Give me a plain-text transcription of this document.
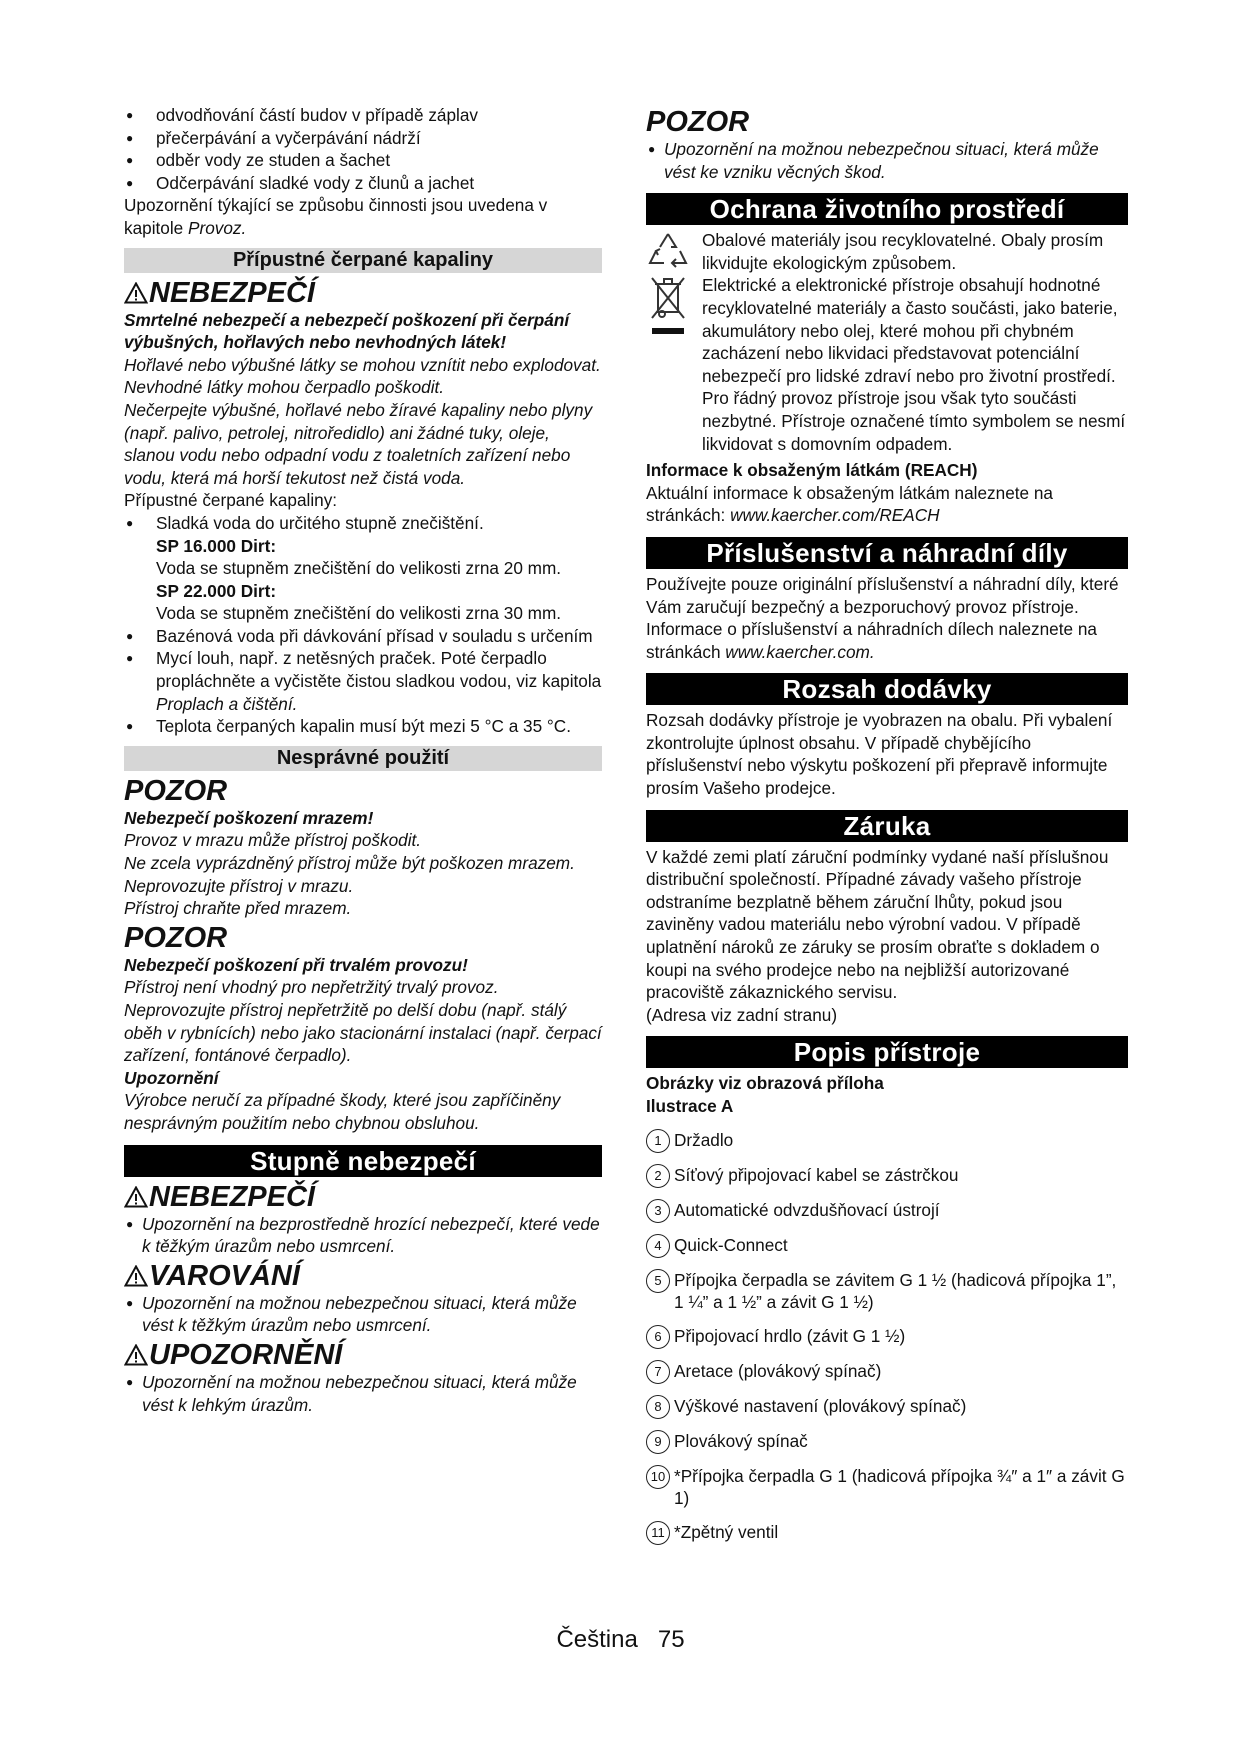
● odvodňování částí budov v případě záplav
● přečerpávání a vyčerpávání nádrží
● odběr vody ze studen a šachet
● Odčerpávání sladké vody z člunů a jachet

Upozornění týkající se způsobu činnosti jsou uvedena v kapitole Provoz.

Přípustné čerpané kapaliny
NEBEZPEČÍ

Smrtelné nebezpečí a nebezpečí poškození při čerpání výbušných, hořlavých nebo nevhodných látek!

Hořlavé nebo výbušné látky se mohou vznítit nebo explodovat.

Nevhodné látky mohou čerpadlo poškodit.

Nečerpejte výbušné, hořlavé nebo žíravé kapaliny nebo plyny (např. palivo, petrolej, nitroředidlo) ani žádné tuky, oleje, slanou vodu nebo odpadní vodu z toaletních zařízení nebo vodu, která má horší tekutost než čistá voda.

Přípustné čerpané kapaliny:

● Sladká voda do určitého stupně znečištění.
SP 16.000 Dirt:
Voda se stupněm znečištění do velikosti zrna 20 mm.
SP 22.000 Dirt:
Voda se stupněm znečištění do velikosti zrna 30 mm.
● Bazénová voda při dávkování přísad v souladu s určením
● Mycí louh, např. z netěsných praček. Poté čerpadlo propláchněte a vyčistěte čistou sladkou vodou, viz kapitola Proplach a čištění.
● Teplota čerpaných kapalin musí být mezi 5 °C a 35 °C.
Nesprávné použití
POZOR

Nebezpečí poškození mrazem!

Provoz v mrazu může přístroj poškodit.

Ne zcela vyprázdněný přístroj může být poškozen mrazem.

Neprovozujte přístroj v mrazu.

Přístroj chraňte před mrazem.

POZOR

Nebezpečí poškození při trvalém provozu!

Přístroj není vhodný pro nepřetržitý trvalý provoz.

Neprovozujte přístroj nepřetržitě po delší dobu (např. stálý oběh v rybnících) nebo jako stacionární instalaci (např. čerpací zařízení, fontánové čerpadlo).

Upozornění

Výrobce neručí za případné škody, které jsou zapříčiněny nesprávným použitím nebo chybnou obsluhou.

Stupně nebezpečí
NEBEZPEČÍ

● Upozornění na bezprostředně hrozící nebezpečí, které vede k těžkým úrazům nebo usmrcení.

VAROVÁNÍ

● Upozornění na možnou nebezpečnou situaci, která může vést k těžkým úrazům nebo usmrcení.

UPOZORNĚNÍ

● Upozornění na možnou nebezpečnou situaci, která může vést k lehkým úrazům.

POZOR

● Upozornění na možnou nebezpečnou situaci, která může vést ke vzniku věcných škod.

Ochrana životního prostředí
Obalové materiály jsou recyklovatelné. Obaly prosím likvidujte ekologickým způsobem.
Elektrické a elektronické přístroje obsahují hodnotné recyklovatelné materiály a často součásti, jako baterie, akumulátory nebo olej, které mohou při chybném zacházení nebo likvidaci představovat potenciální nebezpečí pro lidské zdraví nebo pro životní prostředí. Pro řádný provoz přístroje jsou však tyto součásti nezbytné. Přístroje označené tímto symbolem se nesmí likvidovat s domovním odpadem.

Informace k obsaženým látkám (REACH)

Aktuální informace k obsaženým látkám naleznete na stránkách: www.kaercher.com/REACH

Příslušenství a náhradní díly

Používejte pouze originální příslušenství a náhradní díly, které Vám zaručují bezpečný a bezporuchový provoz přístroje.

Informace o příslušenství a náhradních dílech naleznete na stránkách www.kaercher.com.

Rozsah dodávky

Rozsah dodávky přístroje je vyobrazen na obalu. Při vybalení zkontrolujte úplnost obsahu. V případě chybějícího příslušenství nebo výskytu poškození při přepravě informujte prosím Vašeho prodejce.

Záruka

V každé zemi platí záruční podmínky vydané naší příslušnou distribuční společností. Případné závady vašeho přístroje odstraníme bezplatně během záruční lhůty, pokud jsou zaviněny vadou materiálu nebo výrobní vadou. V případě uplatnění nároků ze záruky se prosím obraťte s dokladem o koupi na svého prodejce nebo na nejbližší autorizované pracoviště zákaznického servisu.

(Adresa viz zadní stranu)

Popis přístroje

Obrázky viz obrazová příloha

Ilustrace A

1 Držadlo
2 Síťový připojovací kabel se zástrčkou
3 Automatické odvzdušňovací ústrojí
4 Quick-Connect
5 Přípojka čerpadla se závitem G 1 ½ (hadicová přípojka 1”, 1 ¼” a 1 ½” a závit G 1 ½)
6 Připojovací hrdlo (závit G 1 ½)
7 Aretace (plovákový spínač)
8 Výškové nastavení (plovákový spínač)
9 Plovákový spínač
10 *Přípojka čerpadla G 1 (hadicová přípojka ¾″ a 1″ a závit G 1)
11 *Zpětný ventil
Čeština 75
